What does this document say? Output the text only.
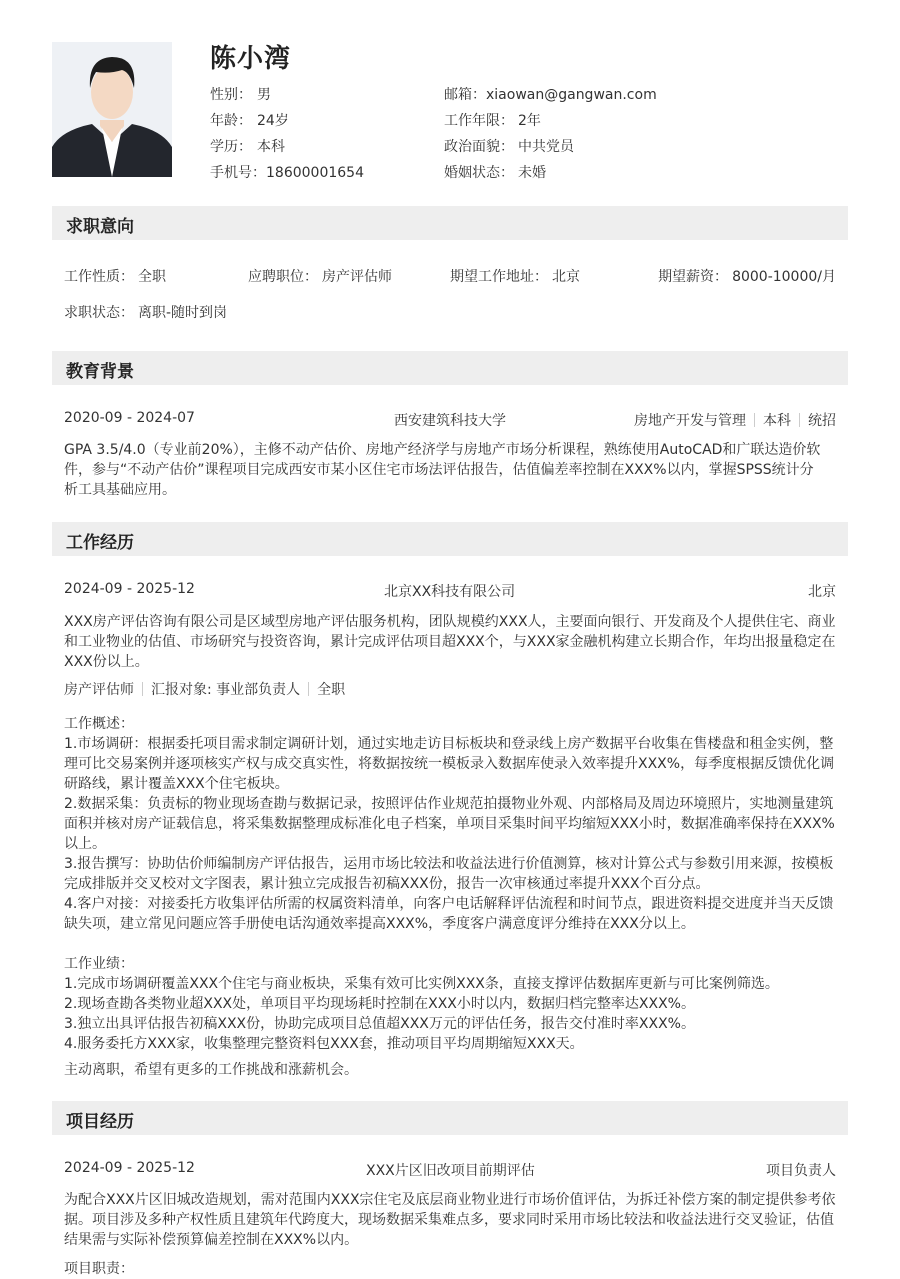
陈小湾
性别： 男	邮箱：xiaowan@gangwan.com
年龄： 24岁	工作年限： 2年
学历： 本科	政治面貌： 中共党员
手机号：18600001654	婚姻状态： 未婚
求职意向
工作性质： 全职	应聘职位： 房产评估师	期望工作地址： 北京	期望薪资： 8000-10000/月
求职状态： 离职-随时到岗
教育背景
2020-09 - 2024-07	西安建筑科技大学	房地产开发与管理 本科 统招
GPA 3.5/4.0（专业前20%），主修不动产估价、房地产经济学与房地产市场分析课程，熟练使用AutoCAD和广联达造价软
件，参与“不动产估价”课程项目完成西安市某小区住宅市场法评估报告，估值偏差率控制在XXX%以内，掌握SPSS统计分
析工具基础应用。
工作经历
2024-09 - 2025-12	北京XX科技有限公司	北京
XXX房产评估咨询有限公司是区域型房地产评估服务机构，团队规模约XXX人，主要面向银行、开发商及个人提供住宅、商业
和工业物业的估值、市场研究与投资咨询，累计完成评估项目超XXX个，与XXX家金融机构建立长期合作，年均出报量稳定在
XXX份以上。
房产评估师 汇报对象: 事业部负责人 全职
工作概述：
1.市场调研：根据委托项目需求制定调研计划，通过实地走访目标板块和登录线上房产数据平台收集在售楼盘和租金实例，整
理可比交易案例并逐项核实产权与成交真实性，将数据按统一模板录入数据库使录入效率提升XXX%，每季度根据反馈优化调
研路线，累计覆盖XXX个住宅板块。
2.数据采集：负责标的物业现场查勘与数据记录，按照评估作业规范拍摄物业外观、内部格局及周边环境照片，实地测量建筑
面积并核对房产证载信息，将采集数据整理成标准化电子档案，单项目采集时间平均缩短XXX小时，数据准确率保持在XXX%
以上。
3.报告撰写：协助估价师编制房产评估报告，运用市场比较法和收益法进行价值测算，核对计算公式与参数引用来源，按模板
完成排版并交叉校对文字图表，累计独立完成报告初稿XXX份，报告一次审核通过率提升XXX个百分点。
4.客户对接：对接委托方收集评估所需的权属资料清单，向客户电话解释评估流程和时间节点，跟进资料提交进度并当天反馈
缺失项，建立常见问题应答手册使电话沟通效率提高XXX%，季度客户满意度评分维持在XXX分以上。
工作业绩：
1.完成市场调研覆盖XXX个住宅与商业板块，采集有效可比实例XXX条，直接支撑评估数据库更新与可比案例筛选。
2.现场查勘各类物业超XXX处，单项目平均现场耗时控制在XXX小时以内，数据归档完整率达XXX%。
3.独立出具评估报告初稿XXX份，协助完成项目总值超XXX万元的评估任务，报告交付准时率XXX%。
4.服务委托方XXX家，收集整理完整资料包XXX套，推动项目平均周期缩短XXX天。
主动离职，希望有更多的工作挑战和涨薪机会。
项目经历
2024-09 - 2025-12	XXX片区旧改项目前期评估	项目负责人
为配合XXX片区旧城改造规划，需对范围内XXX宗住宅及底层商业物业进行市场价值评估，为拆迁补偿方案的制定提供参考依
据。项目涉及多种产权性质且建筑年代跨度大，现场数据采集难点多，要求同时采用市场比较法和收益法进行交叉验证，估值
结果需与实际补偿预算偏差控制在XXX%以内。
项目职责：
